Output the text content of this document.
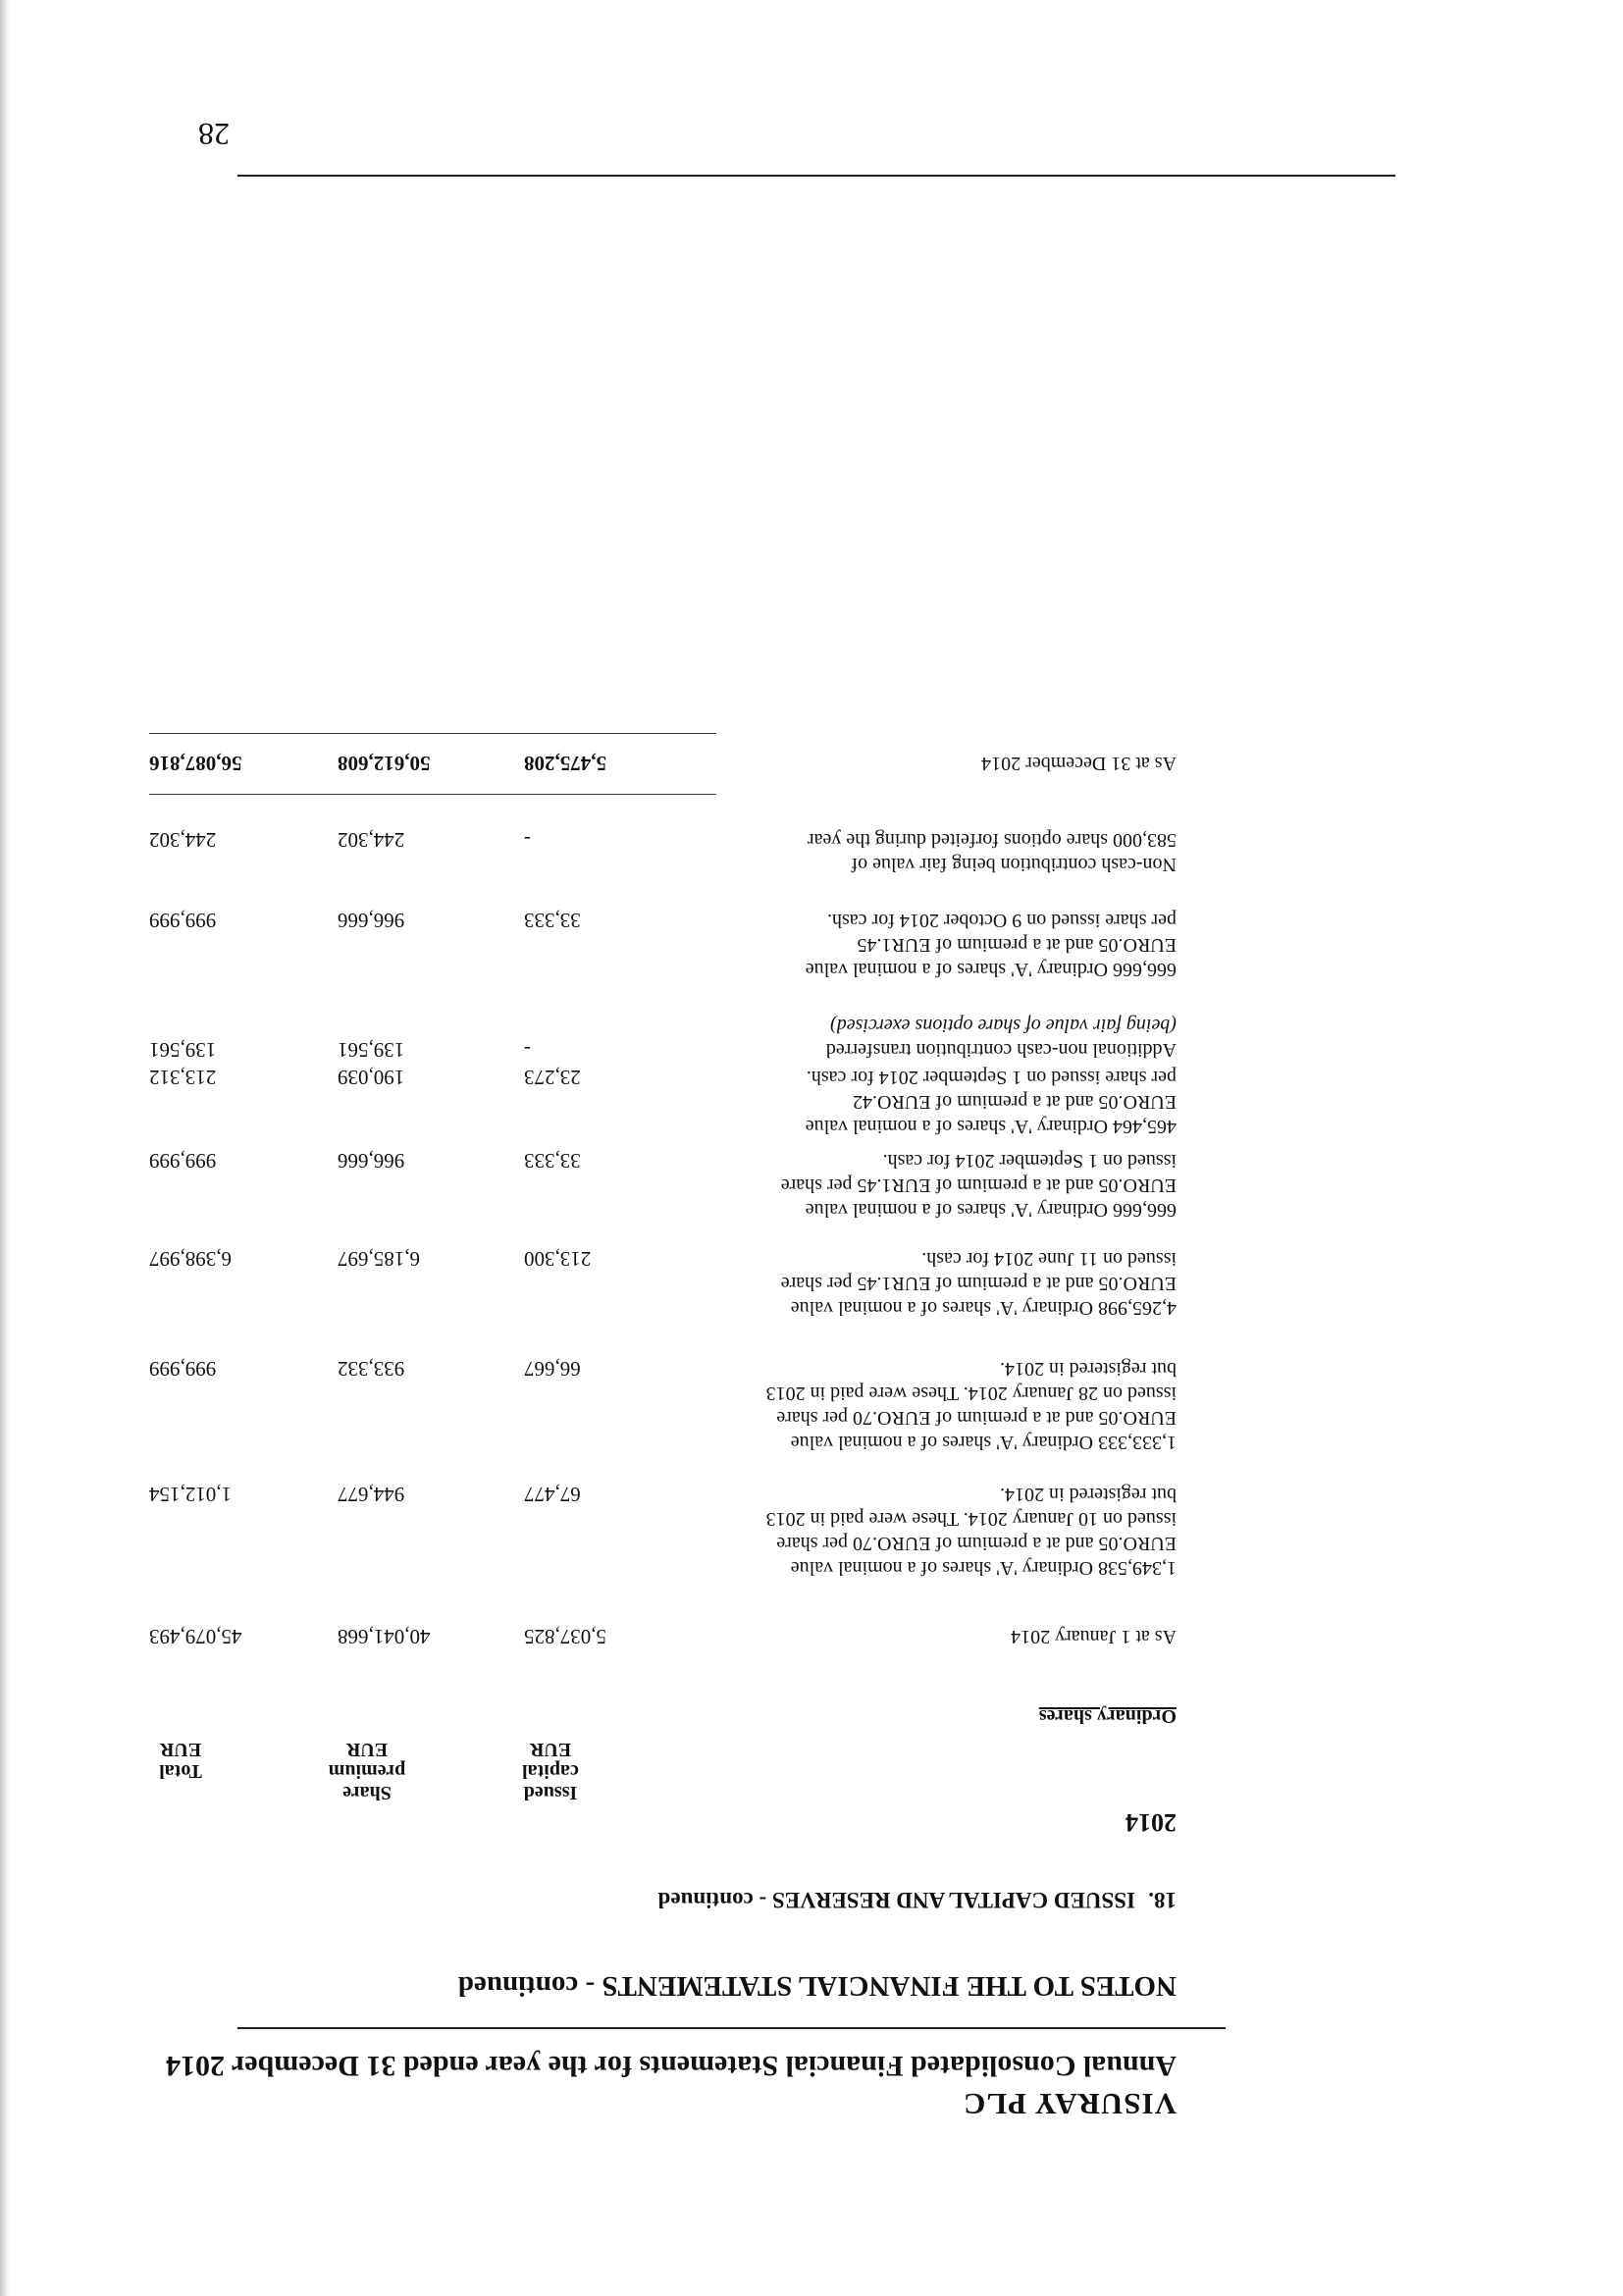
VISURAY PLC
Annual Consolidated Financial Statements for the year ended 31 December 2014
NOTES TO THE FINANCIAL STATEMENTS - continued
18.
ISSUED CAPITAL AND RESERVES - continued
2014
Issued
capital
EUR
Share
premium
EUR
Total
EUR
Ordinary shares
As at 1 January 2014
5,037,825
40,041,668
45,079,493
1,349,538 Ordinary 'A' shares of a nominal value
EURO.05 and at a premium of EURO.70 per share
issued on 10 January 2014. These were paid in 2013
but registered in 2014.
67,477
944,677
1,012,154
1,333,333 Ordinary 'A' shares of a nominal value
EURO.05 and at a premium of EURO.70 per share
issued on 28 January 2014. These were paid in 2013
but registered in 2014.
66,667
933,332
999,999
4,265,998 Ordinary 'A' shares of a nominal value
EURO.05 and at a premium of EUR1.45 per share
issued on 11 June 2014 for cash.
213,300
6,185,697
6,398,997
666,666 Ordinary 'A' shares of a nominal value
EURO.05 and at a premium of EUR1.45 per share
issued on 1 September 2014 for cash.
33,333
966,666
999,999
465,464 Ordinary 'A' shares of a nominal value
EURO.05 and at a premium of EURO.42
per share issued on 1 September 2014 for cash.
23,273
190,039
213,312
Additional non-cash contribution transferred
(being fair value of share options exercised)
-
139,561
139,561
666,666 Ordinary 'A' shares of a nominal value
EURO.05 and at a premium of EUR1.45
per share issued on 9 October 2014 for cash.
33,333
966,666
999,999
Non-cash contribution being fair value of
583,000 share options forfeited during the year
-
244,302
244,302
As at 31 December 2014
5,475,208
50,612,608
56,087,816
28
